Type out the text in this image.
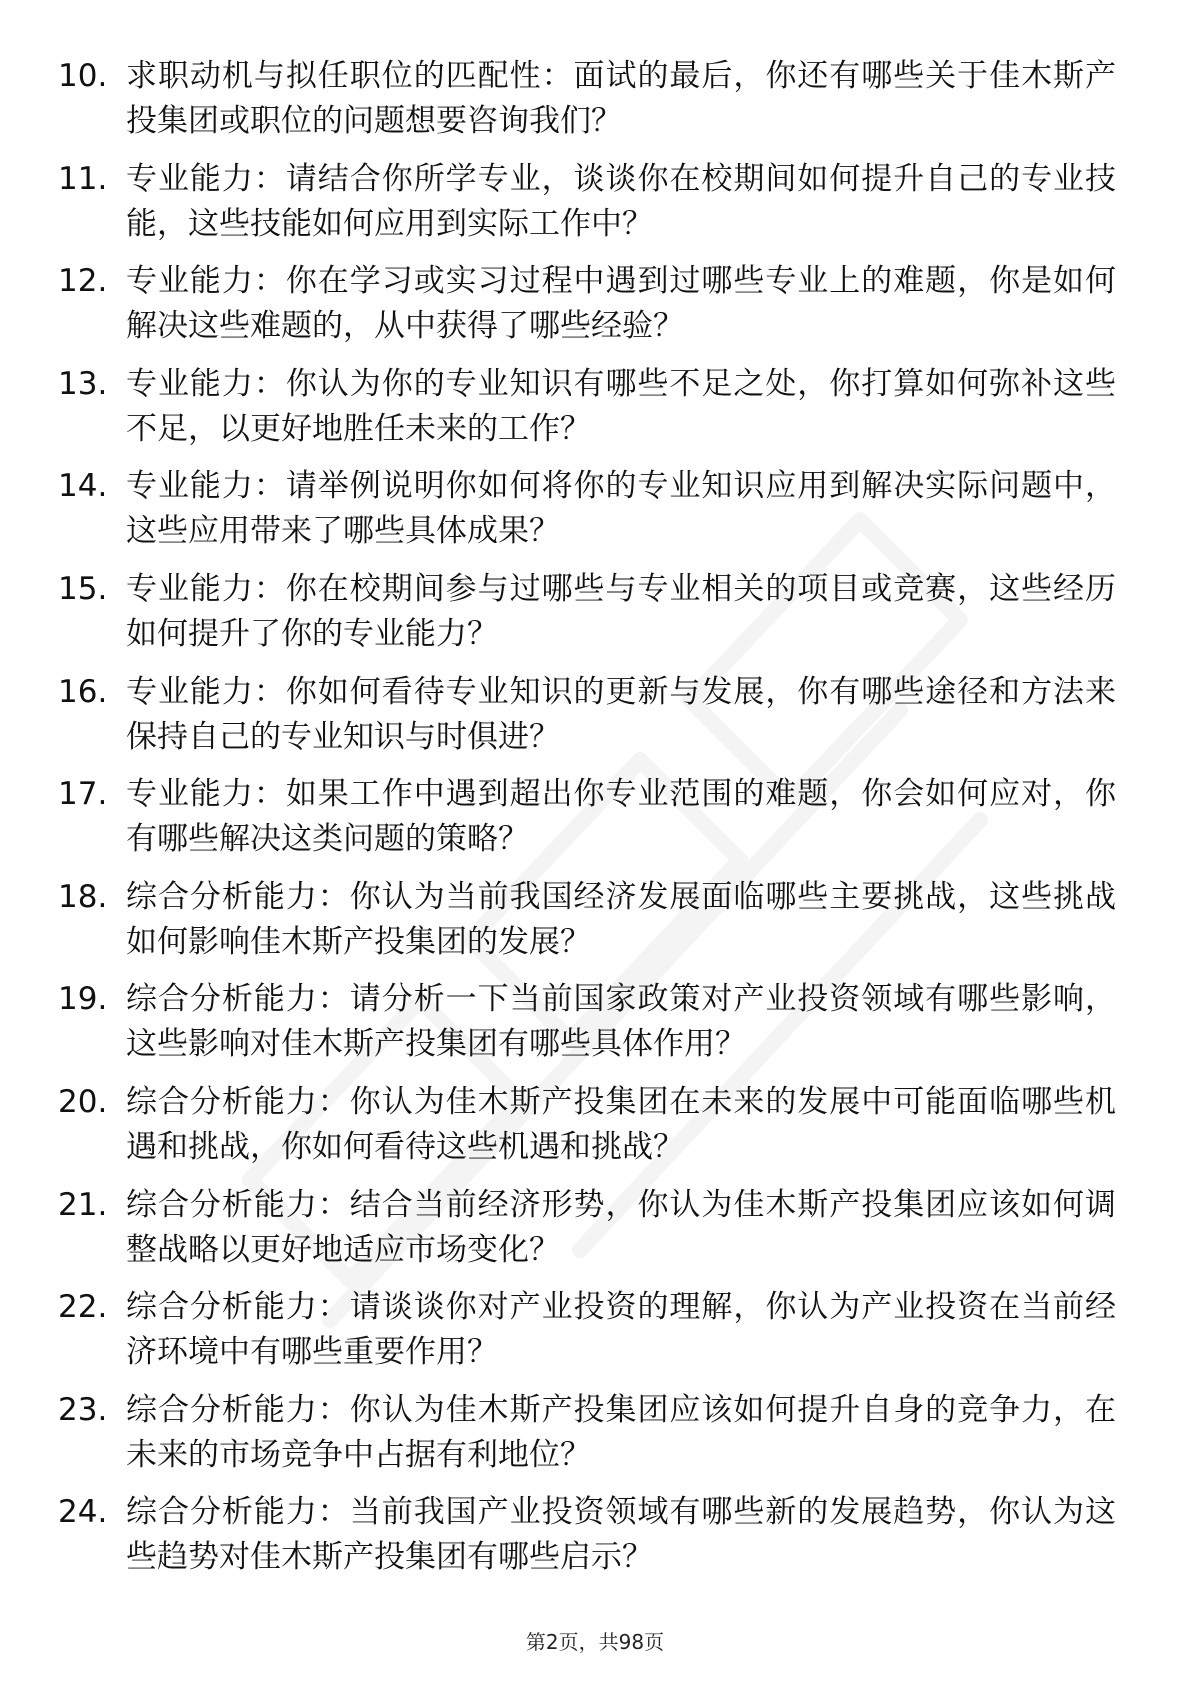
10. 求职动机与拟任职位的匹配性：面试的最后，你还有哪些关于佳木斯产投集团或职位的问题想要咨询我们？

11. 专业能力：请结合你所学专业，谈谈你在校期间如何提升自己的专业技能，这些技能如何应用到实际工作中？

12. 专业能力：你在学习或实习过程中遇到过哪些专业上的难题，你是如何解决这些难题的，从中获得了哪些经验？

13. 专业能力：你认为你的专业知识有哪些不足之处，你打算如何弥补这些不足，以更好地胜任未来的工作？

14. 专业能力：请举例说明你如何将你的专业知识应用到解决实际问题中，这些应用带来了哪些具体成果？

15. 专业能力：你在校期间参与过哪些与专业相关的项目或竞赛，这些经历如何提升了你的专业能力？

16. 专业能力：你如何看待专业知识的更新与发展，你有哪些途径和方法来保持自己的专业知识与时俱进？

17. 专业能力：如果工作中遇到超出你专业范围的难题，你会如何应对，你有哪些解决这类问题的策略？

18. 综合分析能力：你认为当前我国经济发展面临哪些主要挑战，这些挑战如何影响佳木斯产投集团的发展？

19. 综合分析能力：请分析一下当前国家政策对产业投资领域有哪些影响，这些影响对佳木斯产投集团有哪些具体作用？

20. 综合分析能力：你认为佳木斯产投集团在未来的发展中可能面临哪些机遇和挑战，你如何看待这些机遇和挑战？

21. 综合分析能力：结合当前经济形势，你认为佳木斯产投集团应该如何调整战略以更好地适应市场变化？

22. 综合分析能力：请谈谈你对产业投资的理解，你认为产业投资在当前经济环境中有哪些重要作用？

23. 综合分析能力：你认为佳木斯产投集团应该如何提升自身的竞争力，在未来的市场竞争中占据有利地位？

24. 综合分析能力：当前我国产业投资领域有哪些新的发展趋势，你认为这些趋势对佳木斯产投集团有哪些启示？

第2页，共98页
